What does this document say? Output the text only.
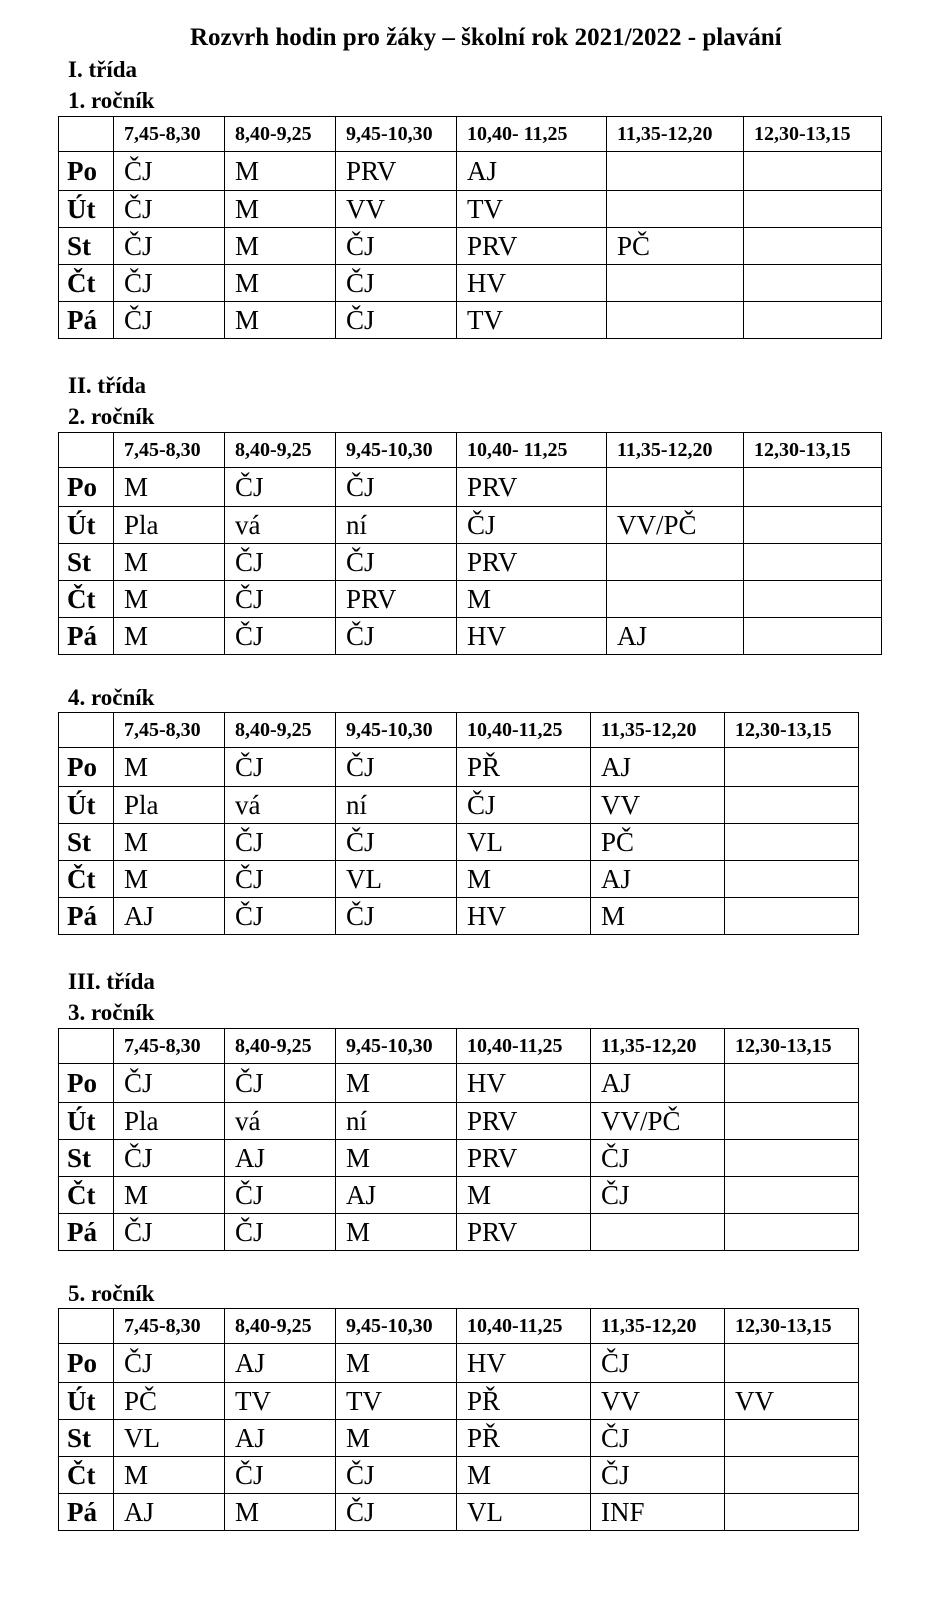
Rozvrh hodin pro žáky – školní rok 2021/2022 - plavání
I. třída
1. ročník
	7,45-8,30	8,40-9,25	9,45-10,30	10,40- 11,25	11,35-12,20	12,30-13,15
Po	ČJ	M	PRV	AJ		
Út	ČJ	M	VV	TV		
St	ČJ	M	ČJ	PRV	PČ	
Čt	ČJ	M	ČJ	HV		
Pá	ČJ	M	ČJ	TV		
II. třída
2. ročník
	7,45-8,30	8,40-9,25	9,45-10,30	10,40- 11,25	11,35-12,20	12,30-13,15
Po	M	ČJ	ČJ	PRV		
Út	Pla	vá	ní	ČJ	VV/PČ	
St	M	ČJ	ČJ	PRV		
Čt	M	ČJ	PRV	M		
Pá	M	ČJ	ČJ	HV	AJ	
4. ročník
	7,45-8,30	8,40-9,25	9,45-10,30	10,40-11,25	11,35-12,20	12,30-13,15
Po	M	ČJ	ČJ	PŘ	AJ	
Út	Pla	vá	ní	ČJ	VV	
St	M	ČJ	ČJ	VL	PČ	
Čt	M	ČJ	VL	M	AJ	
Pá	AJ	ČJ	ČJ	HV	M	
III. třída
3. ročník
	7,45-8,30	8,40-9,25	9,45-10,30	10,40-11,25	11,35-12,20	12,30-13,15
Po	ČJ	ČJ	M	HV	AJ	
Út	Pla	vá	ní	PRV	VV/PČ	
St	ČJ	AJ	M	PRV	ČJ	
Čt	M	ČJ	AJ	M	ČJ	
Pá	ČJ	ČJ	M	PRV		
5. ročník
	7,45-8,30	8,40-9,25	9,45-10,30	10,40-11,25	11,35-12,20	12,30-13,15
Po	ČJ	AJ	M	HV	ČJ	
Út	PČ	TV	TV	PŘ	VV	VV
St	VL	AJ	M	PŘ	ČJ	
Čt	M	ČJ	ČJ	M	ČJ	
Pá	AJ	M	ČJ	VL	INF	
